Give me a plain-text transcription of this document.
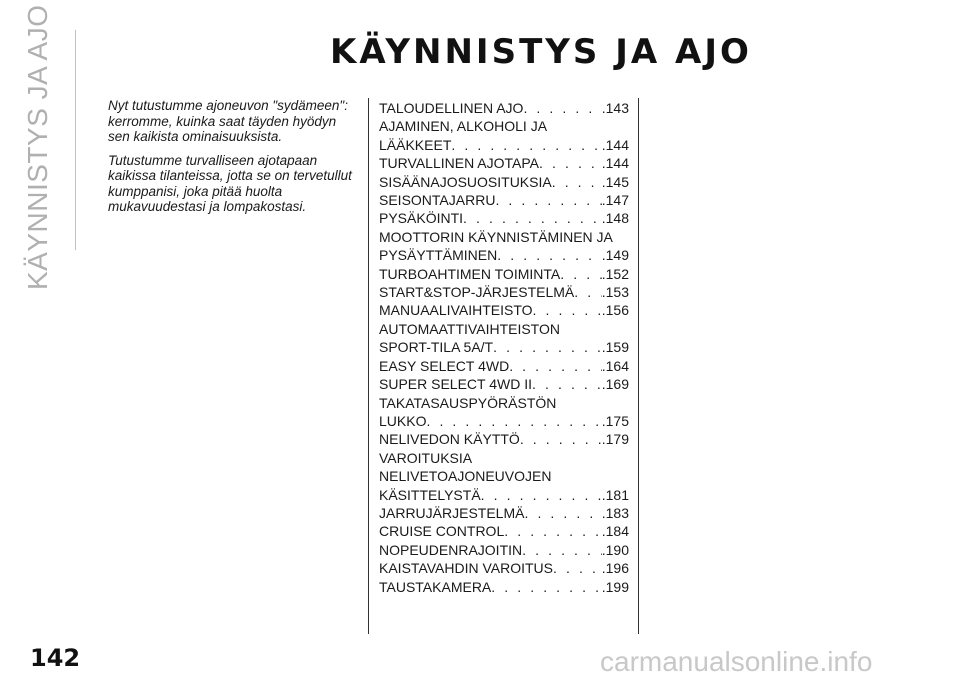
KÄYNNISTYS JA AJO	KÄYNNISTYS JA AJO

Nyt tutustumme ajoneuvon "sydämeen": kerromme, kuinka saat täyden hyödyn sen kaikista ominaisuuksista.

Tutustumme turvalliseen ajotapaan kaikissa tilanteissa, jotta se on tervetullut kumppanisi, joka pitää huolta mukavuudestasi ja lompakostasi.

TALOUDELLINEN AJO . . .	.143
AJAMINEN, ALKOHOLI JA
LÄÄKKEET . . .	.144
TURVALLINEN AJOTAPA . . .	.144
SISÄÄNAJOSUOSITUKSIA . . .	.145
SEISONTAJARRU . . .	.147
PYSÄKÖINTI . . .	.148
MOOTTORIN KÄYNNISTÄMINEN JA
PYSÄYTTÄMINEN . . .	.149
TURBOAHTIMEN TOIMINTA . . .	.152
START&STOP-JÄRJESTELMÄ . . . .153
MANUAALIVAIHTEISTO . . .	.156
AUTOMAATTIVAIHTEISTON
SPORT-TILA 5A/T . . .	.159
EASY SELECT 4WD . . .	.164
SUPER SELECT 4WD II . . .	.169
TAKATASAUSPYÖRÄSTÖN
LUKKO . . .	.175
NELIVEDON KÄYTTÖ . . .	.179
VAROITUKSIA
NELIVETOAJONEUVOJEN
KÄSITTELYSTÄ . . .	.181
JARRUJÄRJESTELMÄ . . .	.183
CRUISE CONTROL . . .	.184
NOPEUDENRAJOITIN . . .	.190
KAISTAVAHDIN VAROITUS . . .	.196
TAUSTAKAMERA . . .	.199
142	carmanualsonline.info
